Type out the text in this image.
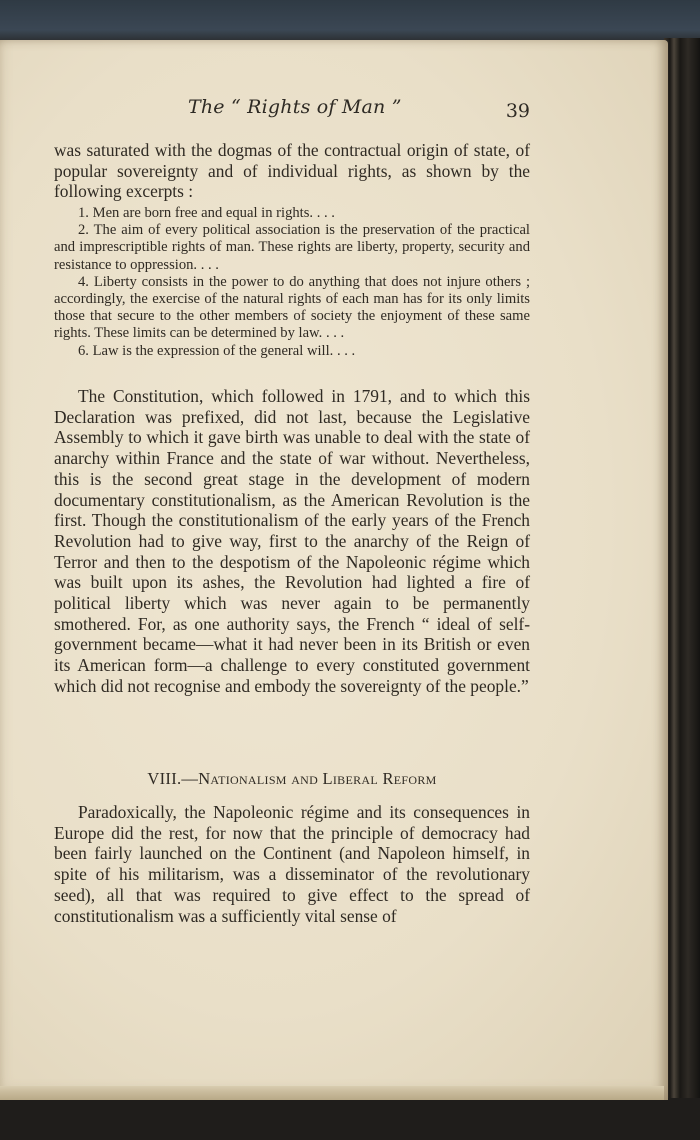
The “ Rights of Man ”	39
was saturated with the dogmas of the contractual origin of state, of popular sovereignty and of individual rights, as shown by the following excerpts :
1. Men are born free and equal in rights. . . .
2. The aim of every political association is the preservation of the practical and imprescriptible rights of man. These rights are liberty, property, security and resistance to oppression. . . .
4. Liberty consists in the power to do anything that does not injure others ; accordingly, the exercise of the natural rights of each man has for its only limits those that secure to the other members of society the enjoyment of these same rights. These limits can be determined by law. . . .
6. Law is the expression of the general will. . . .
The Constitution, which followed in 1791, and to which this Declaration was prefixed, did not last, because the Legislative Assembly to which it gave birth was unable to deal with the state of anarchy within France and the state of war without. Nevertheless, this is the second great stage in the development of modern documentary constitutionalism, as the American Revolution is the first. Though the constitutionalism of the early years of the French Revolution had to give way, first to the anarchy of the Reign of Terror and then to the despotism of the Napoleonic régime which was built upon its ashes, the Revolution had lighted a fire of political liberty which was never again to be permanently smothered. For, as one authority says, the French “ ideal of self-government became—what it had never been in its British or even its American form—a challenge to every constituted government which did not recognise and embody the sovereignty of the people.”
VIII.—Nationalism and Liberal Reform
Paradoxically, the Napoleonic régime and its consequences in Europe did the rest, for now that the principle of democracy had been fairly launched on the Continent (and Napoleon himself, in spite of his militarism, was a disseminator of the revolutionary seed), all that was required to give effect to the spread of constitutionalism was a sufficiently vital sense of
